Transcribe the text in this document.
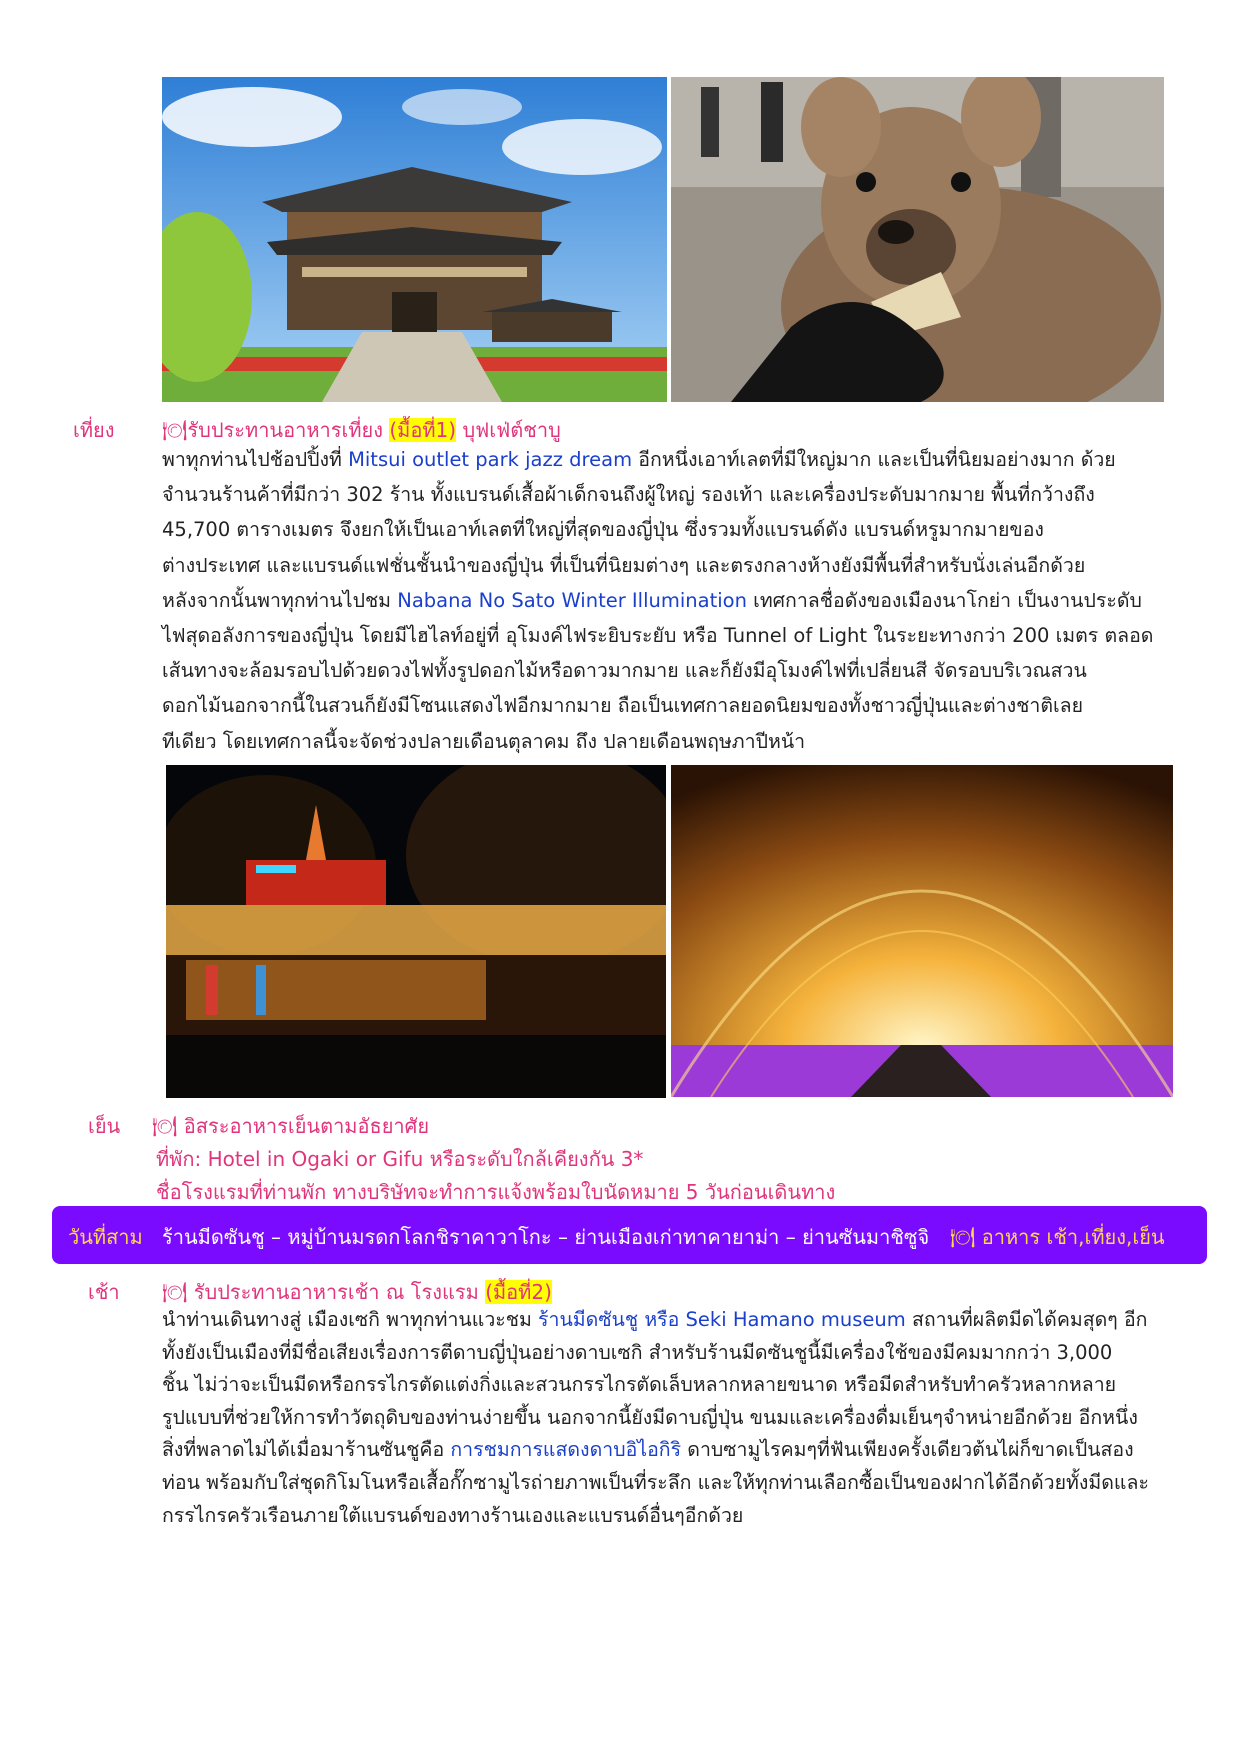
เที่ยง 🍽รับประทานอาหารเที่ยง (มื้อที่1) บุฟเฟ่ต์ชาบู

พาทุกท่านไปช้อปปิ้งที่ Mitsui outlet park jazz dream อีกหนึ่งเอาท์เลตที่มีใหญ่มาก และเป็นที่นิยมอย่างมาก ด้วย

จำนวนร้านค้าที่มีกว่า 302 ร้าน ทั้งแบรนด์เสื้อผ้าเด็กจนถึงผู้ใหญ่ รองเท้า และเครื่องประดับมากมาย พื้นที่กว้างถึง

45,700 ตารางเมตร จึงยกให้เป็นเอาท์เลตที่ใหญ่ที่สุดของญี่ปุ่น ซึ่งรวมทั้งแบรนด์ดัง แบรนด์หรูมากมายของ

ต่างประเทศ และแบรนด์แฟชั่นชั้นนำของญี่ปุ่น ที่เป็นที่นิยมต่างๆ และตรงกลางห้างยังมีพื้นที่สำหรับนั่งเล่นอีกด้วย

หลังจากนั้นพาทุกท่านไปชม Nabana No Sato Winter Illumination เทศกาลชื่อดังของเมืองนาโกย่า เป็นงานประดับ

ไฟสุดอลังการของญี่ปุ่น โดยมีไฮไลท์อยู่ที่ อุโมงค์ไฟระยิบระยับ หรือ Tunnel of Light ในระยะทางกว่า 200 เมตร ตลอด

เส้นทางจะล้อมรอบไปด้วยดวงไฟทั้งรูปดอกไม้หรือดาวมากมาย และก็ยังมีอุโมงค์ไฟที่เปลี่ยนสี จัดรอบบริเวณสวน

ดอกไม้นอกจากนี้ในสวนก็ยังมีโซนแสดงไฟอีกมากมาย ถือเป็นเทศกาลยอดนิยมของทั้งชาวญี่ปุ่นและต่างชาติเลย

ทีเดียว โดยเทศกาลนี้จะจัดช่วงปลายเดือนตุลาคม ถึง ปลายเดือนพฤษภาปีหน้า

เย็น 🍽 อิสระอาหารเย็นตามอัธยาศัย
ที่พัก: Hotel in Ogaki or Gifu หรือระดับใกล้เคียงกัน 3*
ชื่อโรงแรมที่ท่านพัก ทางบริษัทจะทำการแจ้งพร้อมใบนัดหมาย 5 วันก่อนเดินทาง
วันที่สาม ร้านมีดซันชู – หมู่บ้านมรดกโลกชิราคาวาโกะ – ย่านเมืองเก่าทาคายาม่า – ย่านซันมาชิซูจิ 🍽 อาหาร เช้า,เที่ยง,เย็น
เช้า 🍽 รับประทานอาหารเช้า ณ โรงแรม (มื้อที่2)

นำท่านเดินทางสู่ เมืองเซกิ พาทุกท่านแวะชม ร้านมีดซันชู หรือ Seki Hamano museum สถานที่ผลิตมีดได้คมสุดๆ อีก

ทั้งยังเป็นเมืองที่มีชื่อเสียงเรื่องการตีดาบญี่ปุ่นอย่างดาบเซกิ สำหรับร้านมีดซันชูนี้มีเครื่องใช้ของมีคมมากกว่า 3,000

ชิ้น ไม่ว่าจะเป็นมีดหรือกรรไกรตัดแต่งกิ่งและสวนกรรไกรตัดเล็บหลากหลายขนาด หรือมีดสำหรับทำครัวหลากหลาย

รูปแบบที่ช่วยให้การทำวัตถุดิบของท่านง่ายขึ้น นอกจากนี้ยังมีดาบญี่ปุ่น ขนมและเครื่องดื่มเย็นๆจำหน่ายอีกด้วย อีกหนึ่ง

สิ่งที่พลาดไม่ได้เมื่อมาร้านซันชูคือ การชมการแสดงดาบอิไอกิริ ดาบซามูไรคมๆที่ฟันเพียงครั้งเดียวต้นไผ่ก็ขาดเป็นสอง

ท่อน พร้อมกับใส่ชุดกิโมโนหรือเสื้อกั๊กซามูไรถ่ายภาพเป็นที่ระลึก และให้ทุกท่านเลือกซื้อเป็นของฝากได้อีกด้วยทั้งมีดและ

กรรไกรครัวเรือนภายใต้แบรนด์ของทางร้านเองและแบรนด์อื่นๆอีกด้วย
